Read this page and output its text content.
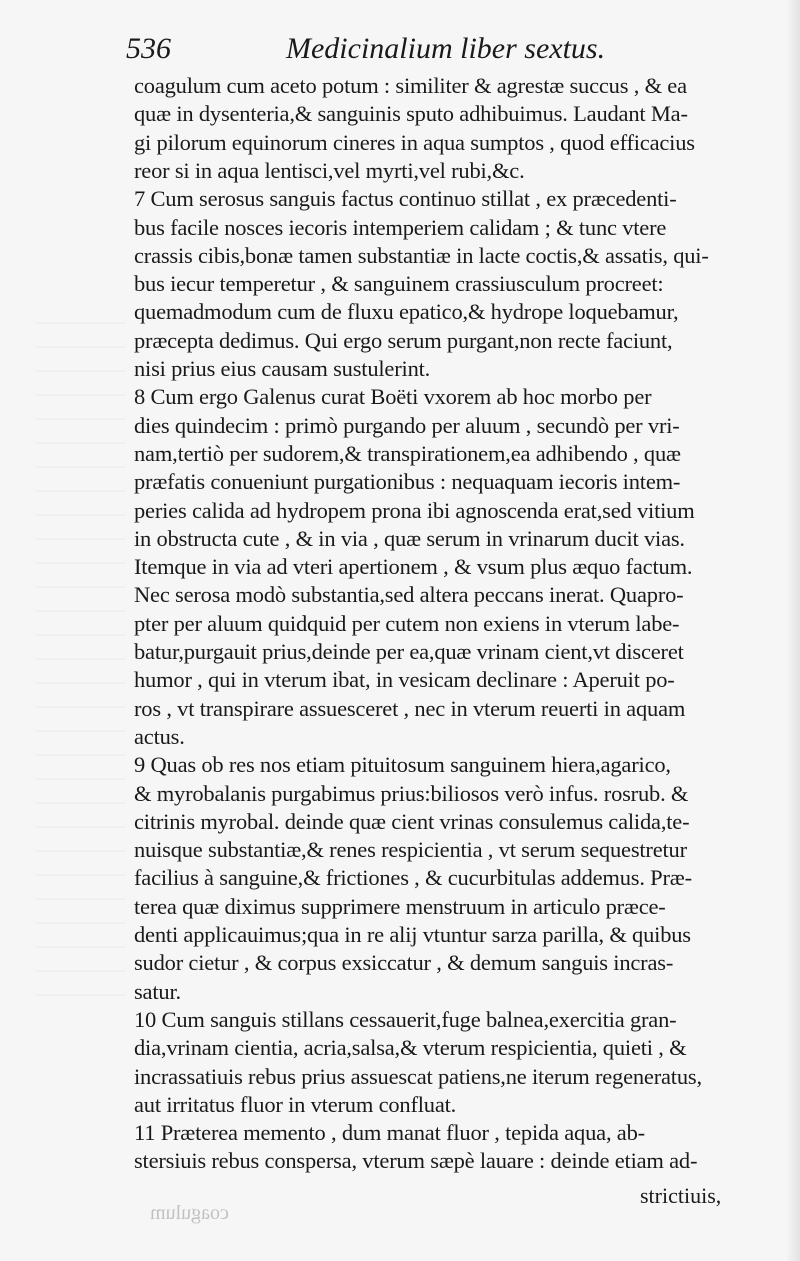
536	Medicinalium liber sextus.
coagulum cum aceto potum : similiter & agrestæ succus , & ea
quæ in dysenteria,& sanguinis sputo adhibuimus. Laudant Ma-
gi pilorum equinorum cineres in aqua sumptos , quod efficacius
reor si in aqua lentisci,vel myrti,vel rubi,&c.
7 Cum serosus sanguis factus continuo stillat , ex præcedenti-
bus facile nosces iecoris intemperiem calidam ; & tunc vtere
crassis cibis,bonæ tamen substantiæ in lacte coctis,& assatis, qui-
bus iecur temperetur , & sanguinem crassiusculum procreet:
quemadmodum cum de fluxu epatico,& hydrope loquebamur,
præcepta dedimus. Qui ergo serum purgant,non recte faciunt,
nisi prius eius causam sustulerint.
8 Cum ergo Galenus curat Boëti vxorem ab hoc morbo per
dies quindecim : primò purgando per aluum , secundò per vri-
nam,tertiò per sudorem,& transpirationem,ea adhibendo , quæ
præfatis conueniunt purgationibus : nequaquam iecoris intem-
peries calida ad hydropem prona ibi agnoscenda erat,sed vitium
in obstructa cute , & in via , quæ serum in vrinarum ducit vias.
Itemque in via ad vteri apertionem , & vsum plus æquo factum.
Nec serosa modò substantia,sed altera peccans inerat. Quapro-
pter per aluum quidquid per cutem non exiens in vterum labe-
batur,purgauit prius,deinde per ea,quæ vrinam cient,vt disceret
humor , qui in vterum ibat, in vesicam declinare : Aperuit po-
ros , vt transpirare assuesceret , nec in vterum reuerti in aquam
actus.
9 Quas ob res nos etiam pituitosum sanguinem hiera,agarico,
& myrobalanis purgabimus prius:biliosos verò infus. rosrub. &
citrinis myrobal. deinde quæ cient vrinas consulemus calida,te-
nuisque substantiæ,& renes respicientia , vt serum sequestretur
facilius à sanguine,& frictiones , & cucurbitulas addemus. Præ-
terea quæ diximus supprimere menstruum in articulo præce-
denti applicauimus;qua in re alij vtuntur sarza parilla, & quibus
sudor cietur , & corpus exsiccatur , & demum sanguis incras-
satur.
10 Cum sanguis stillans cessauerit,fuge balnea,exercitia gran-
dia,vrinam cientia, acria,salsa,& vterum respicientia, quieti , &
incrassatiuis rebus prius assuescat patiens,ne iterum regeneratus,
aut irritatus fluor in vterum confluat.
11 Præterea memento , dum manat fluor , tepida aqua, ab-
stersiuis rebus conspersa, vterum sæpè lauare : deinde etiam ad-
strictiuis,
coagulum
